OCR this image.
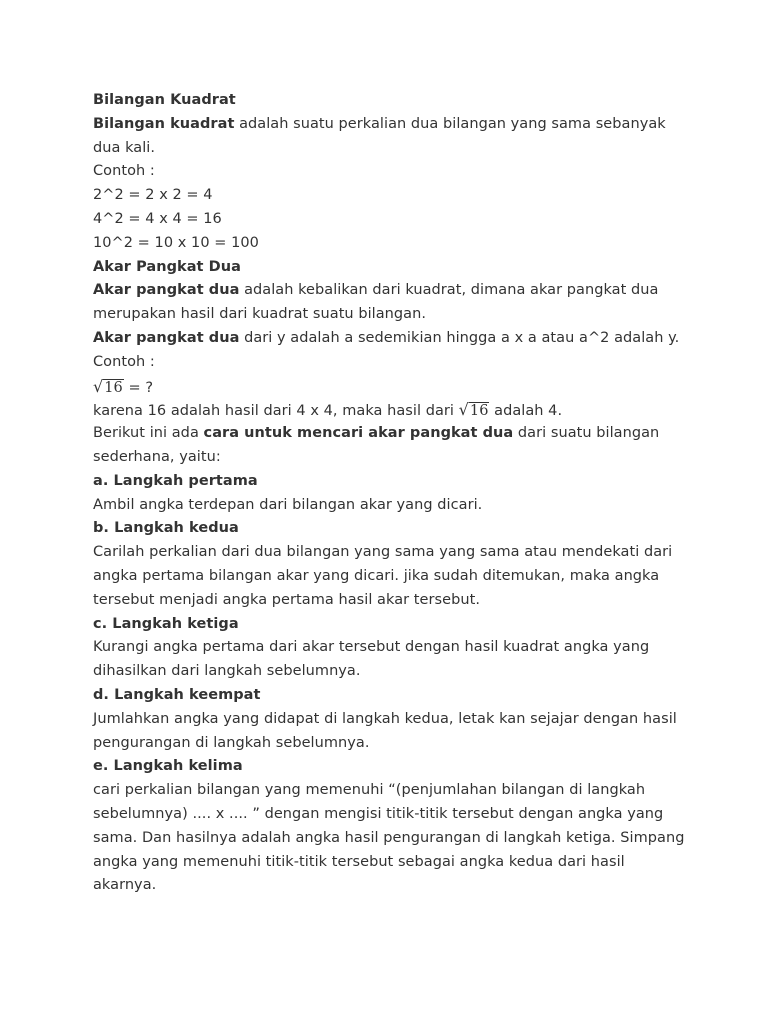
Bilangan Kuadrat
Bilangan kuadrat adalah suatu perkalian dua bilangan yang sama sebanyak
dua kali.
Contoh :
2^2 = 2 x 2 = 4
4^2 = 4 x 4 = 16
10^2 = 10 x 10 = 100
Akar Pangkat Dua
Akar pangkat dua adalah kebalikan dari kuadrat, dimana akar pangkat dua
merupakan hasil dari kuadrat suatu bilangan.
Akar pangkat dua dari y adalah a sedemikian hingga a x a atau a^2 adalah y.
Contoh :
√16 = ?
karena 16 adalah hasil dari 4 x 4, maka hasil dari √16 adalah 4.
Berikut ini ada cara untuk mencari akar pangkat dua dari suatu bilangan
sederhana, yaitu:
a. Langkah pertama
Ambil angka terdepan dari bilangan akar yang dicari.
b. Langkah kedua
Carilah perkalian dari dua bilangan yang sama yang sama atau mendekati dari
angka pertama bilangan akar yang dicari. jika sudah ditemukan, maka angka
tersebut menjadi angka pertama hasil akar tersebut.
c. Langkah ketiga
Kurangi angka pertama dari akar tersebut dengan hasil kuadrat angka yang
dihasilkan dari langkah sebelumnya.
d. Langkah keempat
Jumlahkan angka yang didapat di langkah kedua, letak kan sejajar dengan hasil
pengurangan di langkah sebelumnya.
e. Langkah kelima
cari perkalian bilangan yang memenuhi “(penjumlahan bilangan di langkah
sebelumnya) .... x .... ” dengan mengisi titik-titik tersebut dengan angka yang
sama. Dan hasilnya adalah angka hasil pengurangan di langkah ketiga. Simpang
angka yang memenuhi titik-titik tersebut sebagai angka kedua dari hasil
akarnya.
